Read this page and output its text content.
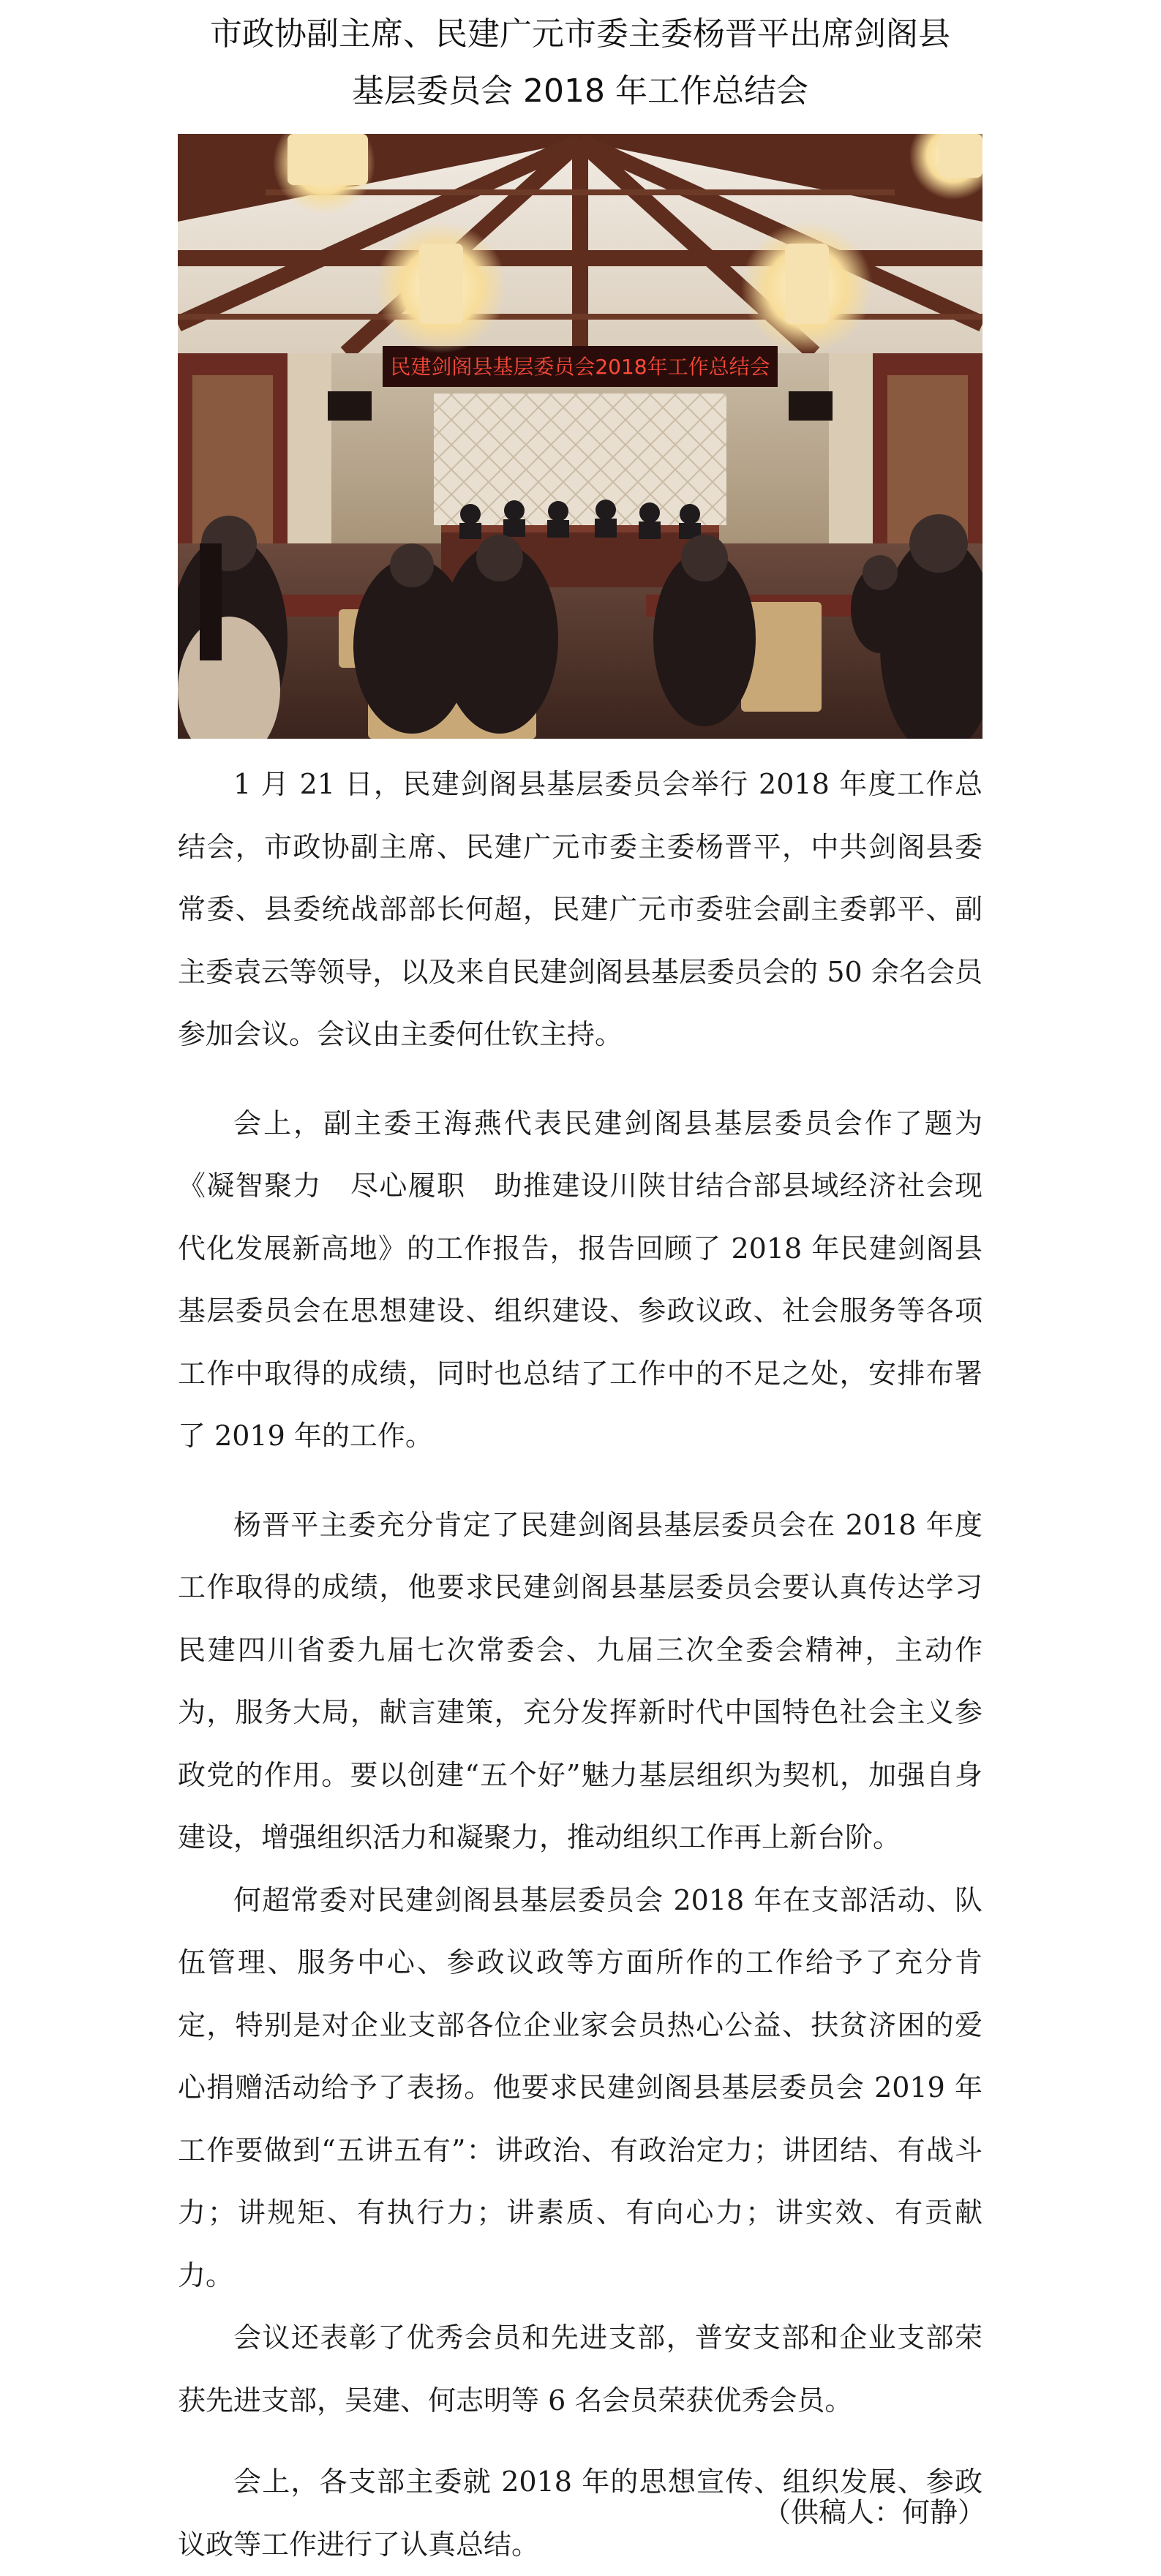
市政协副主席、民建广元市委主委杨晋平出席剑阁县
基层委员会 2018 年工作总结会
民建剑阁县基层委员会2018年工作总结会

1 月 21 日，民建剑阁县基层委员会举行 2018 年度工作总结会，市政协副主席、民建广元市委主委杨晋平，中共剑阁县委常委、县委统战部部长何超，民建广元市委驻会副主委郭平、副主委袁云等领导，以及来自民建剑阁县基层委员会的 50 余名会员参加会议。会议由主委何仕钦主持。

会上，副主委王海燕代表民建剑阁县基层委员会作了题为《凝智聚力　尽心履职　助推建设川陕甘结合部县域经济社会现代化发展新高地》的工作报告，报告回顾了 2018 年民建剑阁县基层委员会在思想建设、组织建设、参政议政、社会服务等各项工作中取得的成绩，同时也总结了工作中的不足之处，安排布署了 2019 年的工作。

杨晋平主委充分肯定了民建剑阁县基层委员会在 2018 年度工作取得的成绩，他要求民建剑阁县基层委员会要认真传达学习民建四川省委九届七次常委会、九届三次全委会精神，主动作为，服务大局，献言建策，充分发挥新时代中国特色社会主义参政党的作用。要以创建“五个好”魅力基层组织为契机，加强自身建设，增强组织活力和凝聚力，推动组织工作再上新台阶。

何超常委对民建剑阁县基层委员会 2018 年在支部活动、队伍管理、服务中心、参政议政等方面所作的工作给予了充分肯定，特别是对企业支部各位企业家会员热心公益、扶贫济困的爱心捐赠活动给予了表扬。他要求民建剑阁县基层委员会 2019 年工作要做到“五讲五有”：讲政治、有政治定力；讲团结、有战斗力；讲规矩、有执行力；讲素质、有向心力；讲实效、有贡献力。

会议还表彰了优秀会员和先进支部，普安支部和企业支部荣获先进支部，吴建、何志明等 6 名会员荣获优秀会员。

会上，各支部主委就 2018 年的思想宣传、组织发展、参政议政等工作进行了认真总结。

（供稿人：何静）
